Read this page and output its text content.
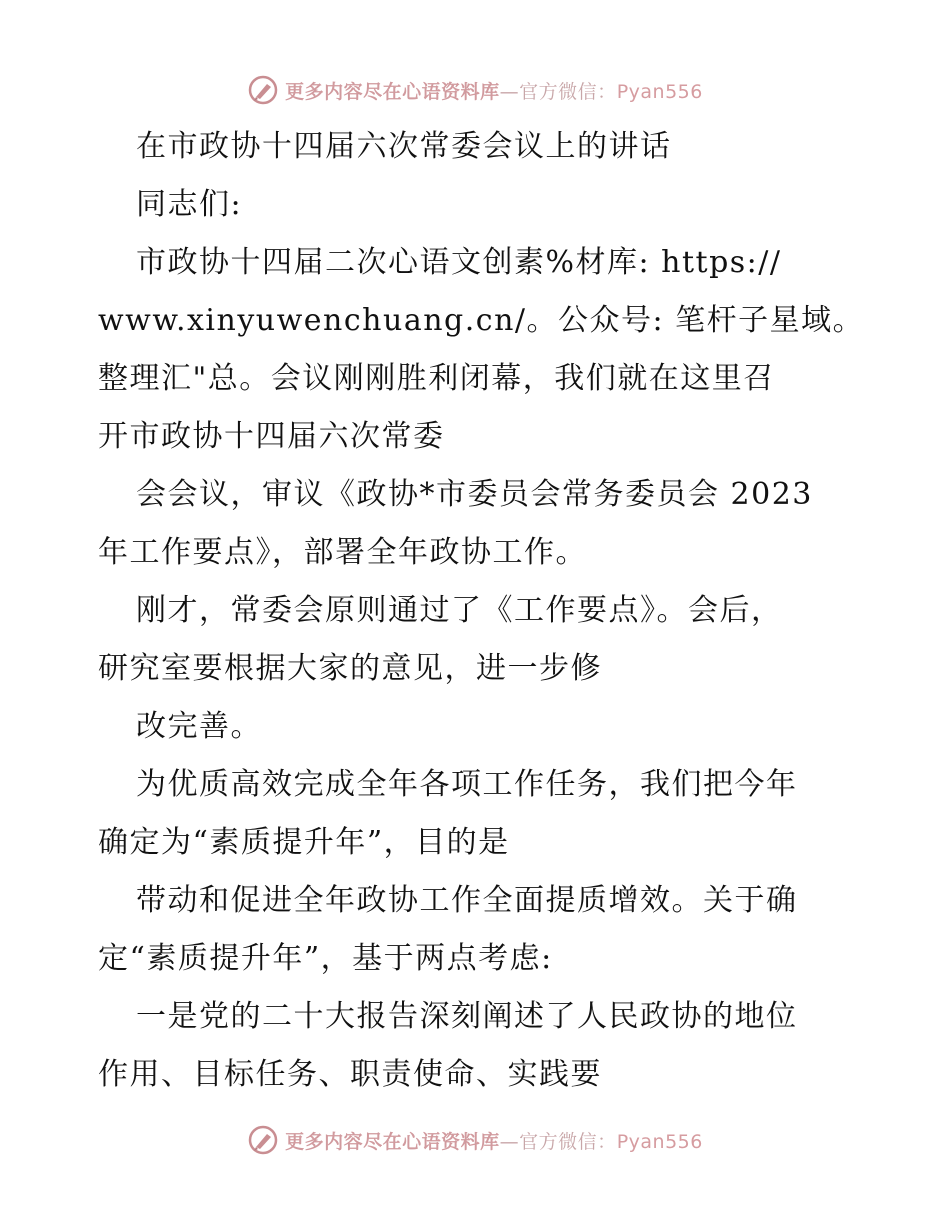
更多内容尽在心语资料库—官方微信：Pyan556

在市政协十四届六次常委会议上的讲话

同志们:

市政协十四届二次心语文创素%材库: https://

www.xinyuwenchuang.cn/。公众号: 笔杆子星域。

整理汇"总。会议刚刚胜利闭幕，我们就在这里召

开市政协十四届六次常委

会会议，审议《政协*市委员会常务委员会 2023

年工作要点》，部署全年政协工作。

刚才，常委会原则通过了《工作要点》。会后，

研究室要根据大家的意见，进一步修

改完善。

为优质高效完成全年各项工作任务，我们把今年

确定为“素质提升年”，目的是

带动和促进全年政协工作全面提质增效。关于确

定“素质提升年”，基于两点考虑:

一是党的二十大报告深刻阐述了人民政协的地位

作用、目标任务、职责使命、实践要

更多内容尽在心语资料库—官方微信：Pyan556
